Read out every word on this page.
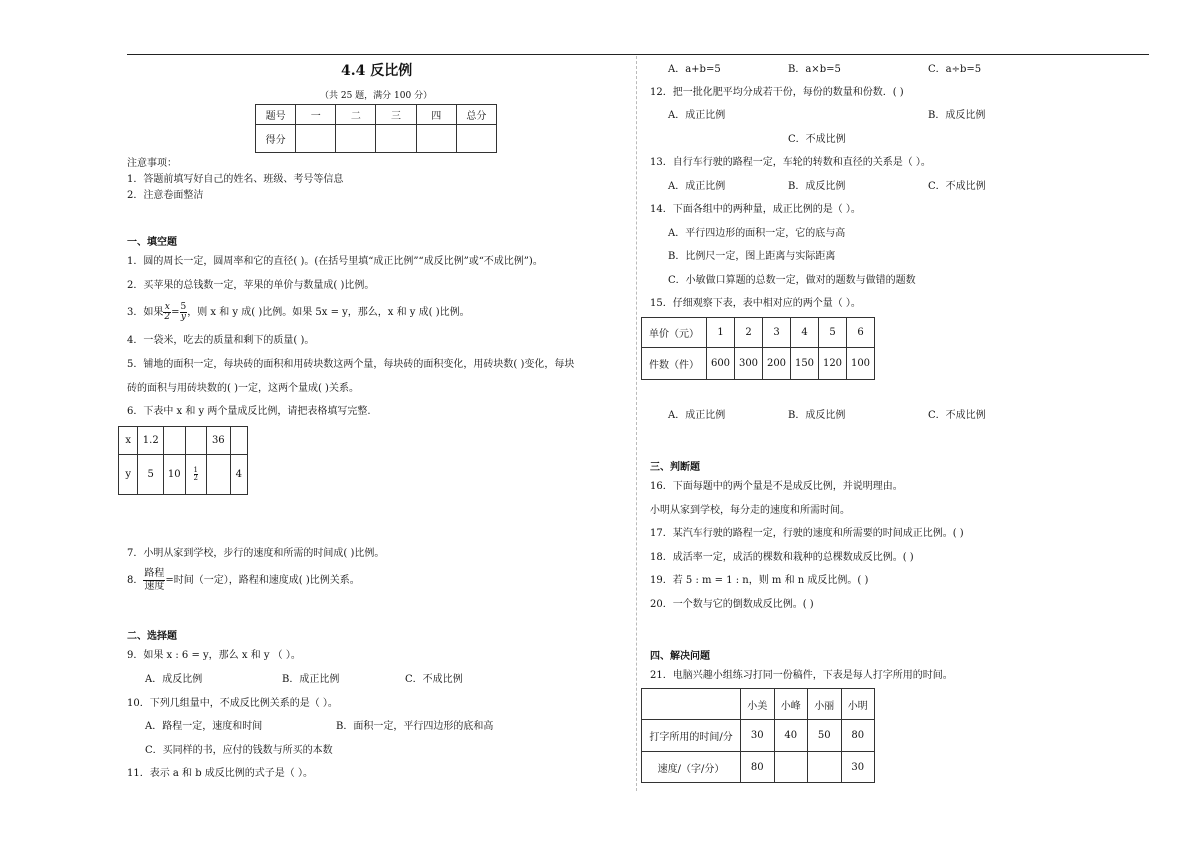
4.4 反比例
（共 25 题，满分 100 分）
题号	一	二	三	四	总分
得分					
注意事项：
1．答题前填写好自己的姓名、班级、考号等信息
2．注意卷面整洁
一、填空题
1．圆的周长一定，圆周率和它的直径( )。(在括号里填“成正比例”“成反比例”或“不成比例”)。
2．买苹果的总钱数一定，苹果的单价与数量成( )比例。
3．如果 $\frac{x}{2} = \frac{5}{y}$ ，则 x 和 y 成( )比例。如果 5x = y，那么，x 和 y 成( )比例。
4．一袋米，吃去的质量和剩下的质量( )。
5．铺地的面积一定，每块砖的面积和用砖块数这两个量，每块砖的面积变化，用砖块数( )变化，每块
砖的面积与用砖块数的( )一定，这两个量成( )关系。
6．下表中 x 和 y 两个量成反比例，请把表格填写完整.
x	1.2			36	
y	5	10	$\frac{1}{2}$		4
7．小明从家到学校，步行的速度和所需的时间成( )比例。
8． $\frac{\text{路程}}{\text{速度}}$ =时间（一定），路程和速度成( )比例关系。
二、选择题
9．如果 x : 6 = y，那么 x 和 y （ ）。
A．成反比例	B．成正比例	C．不成比例
10．下列几组量中，不成反比例关系的是（ ）。
A．路程一定，速度和时间	B．面积一定，平行四边形的底和高
C．买同样的书，应付的钱数与所买的本数
11．表示 a 和 b 成反比例的式子是（ ）。
A．a+b=5	B．a×b=5	C．a÷b=5
12．把一批化肥平均分成若干份，每份的数量和份数．( )
A．成正比例	B．成反比例
C．不成比例
13．自行车行驶的路程一定，车轮的转数和直径的关系是（ ）。
A．成正比例	B．成反比例	C．不成比例
14．下面各组中的两种量，成正比例的是（ ）。
A．平行四边形的面积一定，它的底与高
B．比例尺一定，图上距离与实际距离
C．小敏做口算题的总数一定，做对的题数与做错的题数
15．仔细观察下表，表中相对应的两个量（ ）。
单价（元）	1	2	3	4	5	6
件数（件）	600	300	200	150	120	100
A．成正比例	B．成反比例	C．不成比例
三、判断题
16．下面每题中的两个量是不是成反比例，并说明理由。
小明从家到学校，每分走的速度和所需时间。
17．某汽车行驶的路程一定，行驶的速度和所需要的时间成正比例。( )
18．成活率一定，成活的棵数和栽种的总棵数成反比例。( )
19．若 5 : m = 1 : n，则 m 和 n 成反比例。( )
20．一个数与它的倒数成反比例。( )
四、解决问题
21．电脑兴趣小组练习打同一份稿件，下表是每人打字所用的时间。
	小美	小峰	小丽	小明
打字所用的时间/分	30	40	50	80
速度/（字/分）	80			30
